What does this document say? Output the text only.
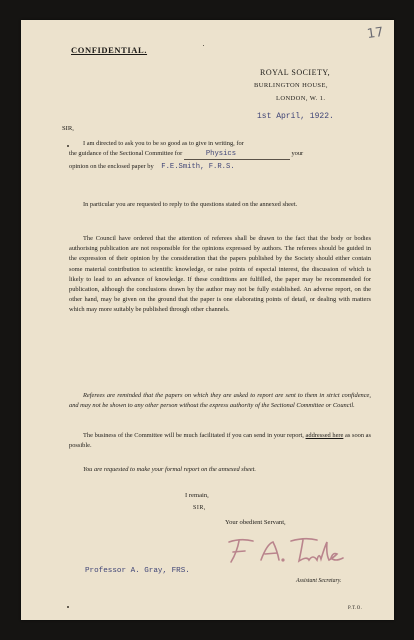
17
CONFIDENTIAL.
ROYAL SOCIETY,
BURLINGTON HOUSE,
LONDON, W. 1.
1st April, 1922.
SIR,
I am directed to ask you to be so good as to give in writing, for
the guidance of the Sectional Committee for	Physics	your
opinion on the enclosed paper by F.E.Smith, F.R.S.
In particular you are requested to reply to the questions stated on the annexed sheet.
The Council have ordered that the attention of referees shall be drawn to the fact that the body or bodies authorising publication are not responsible for the opinions expressed by authors. The referees should be guided in the expression of their opinion by the consideration that the papers published by the Society should either contain some material contribution to scientific knowledge, or raise points of especial interest, the discussion of which is likely to lead to an advance of knowledge. If these conditions are fulfilled, the paper may be recommended for publication, although the conclusions drawn by the author may not be fully established. An adverse report, on the other hand, may be given on the ground that the paper is one elaborating points of detail, or dealing with matters which may more suitably be published through other channels.
Referees are reminded that the papers on which they are asked to report are sent to them in strict confidence, and may not be shown to any other person without the express authority of the Sectional Committee or Council.
The business of the Committee will be much facilitated if you can send in your report, addressed here as soon as possible.
You are requested to make your formal report on the annexed sheet.
I remain,
SIR,
Your obedient Servant,
Professor A. Gray, FRS.
Assistant Secretary.
P.T.O.
